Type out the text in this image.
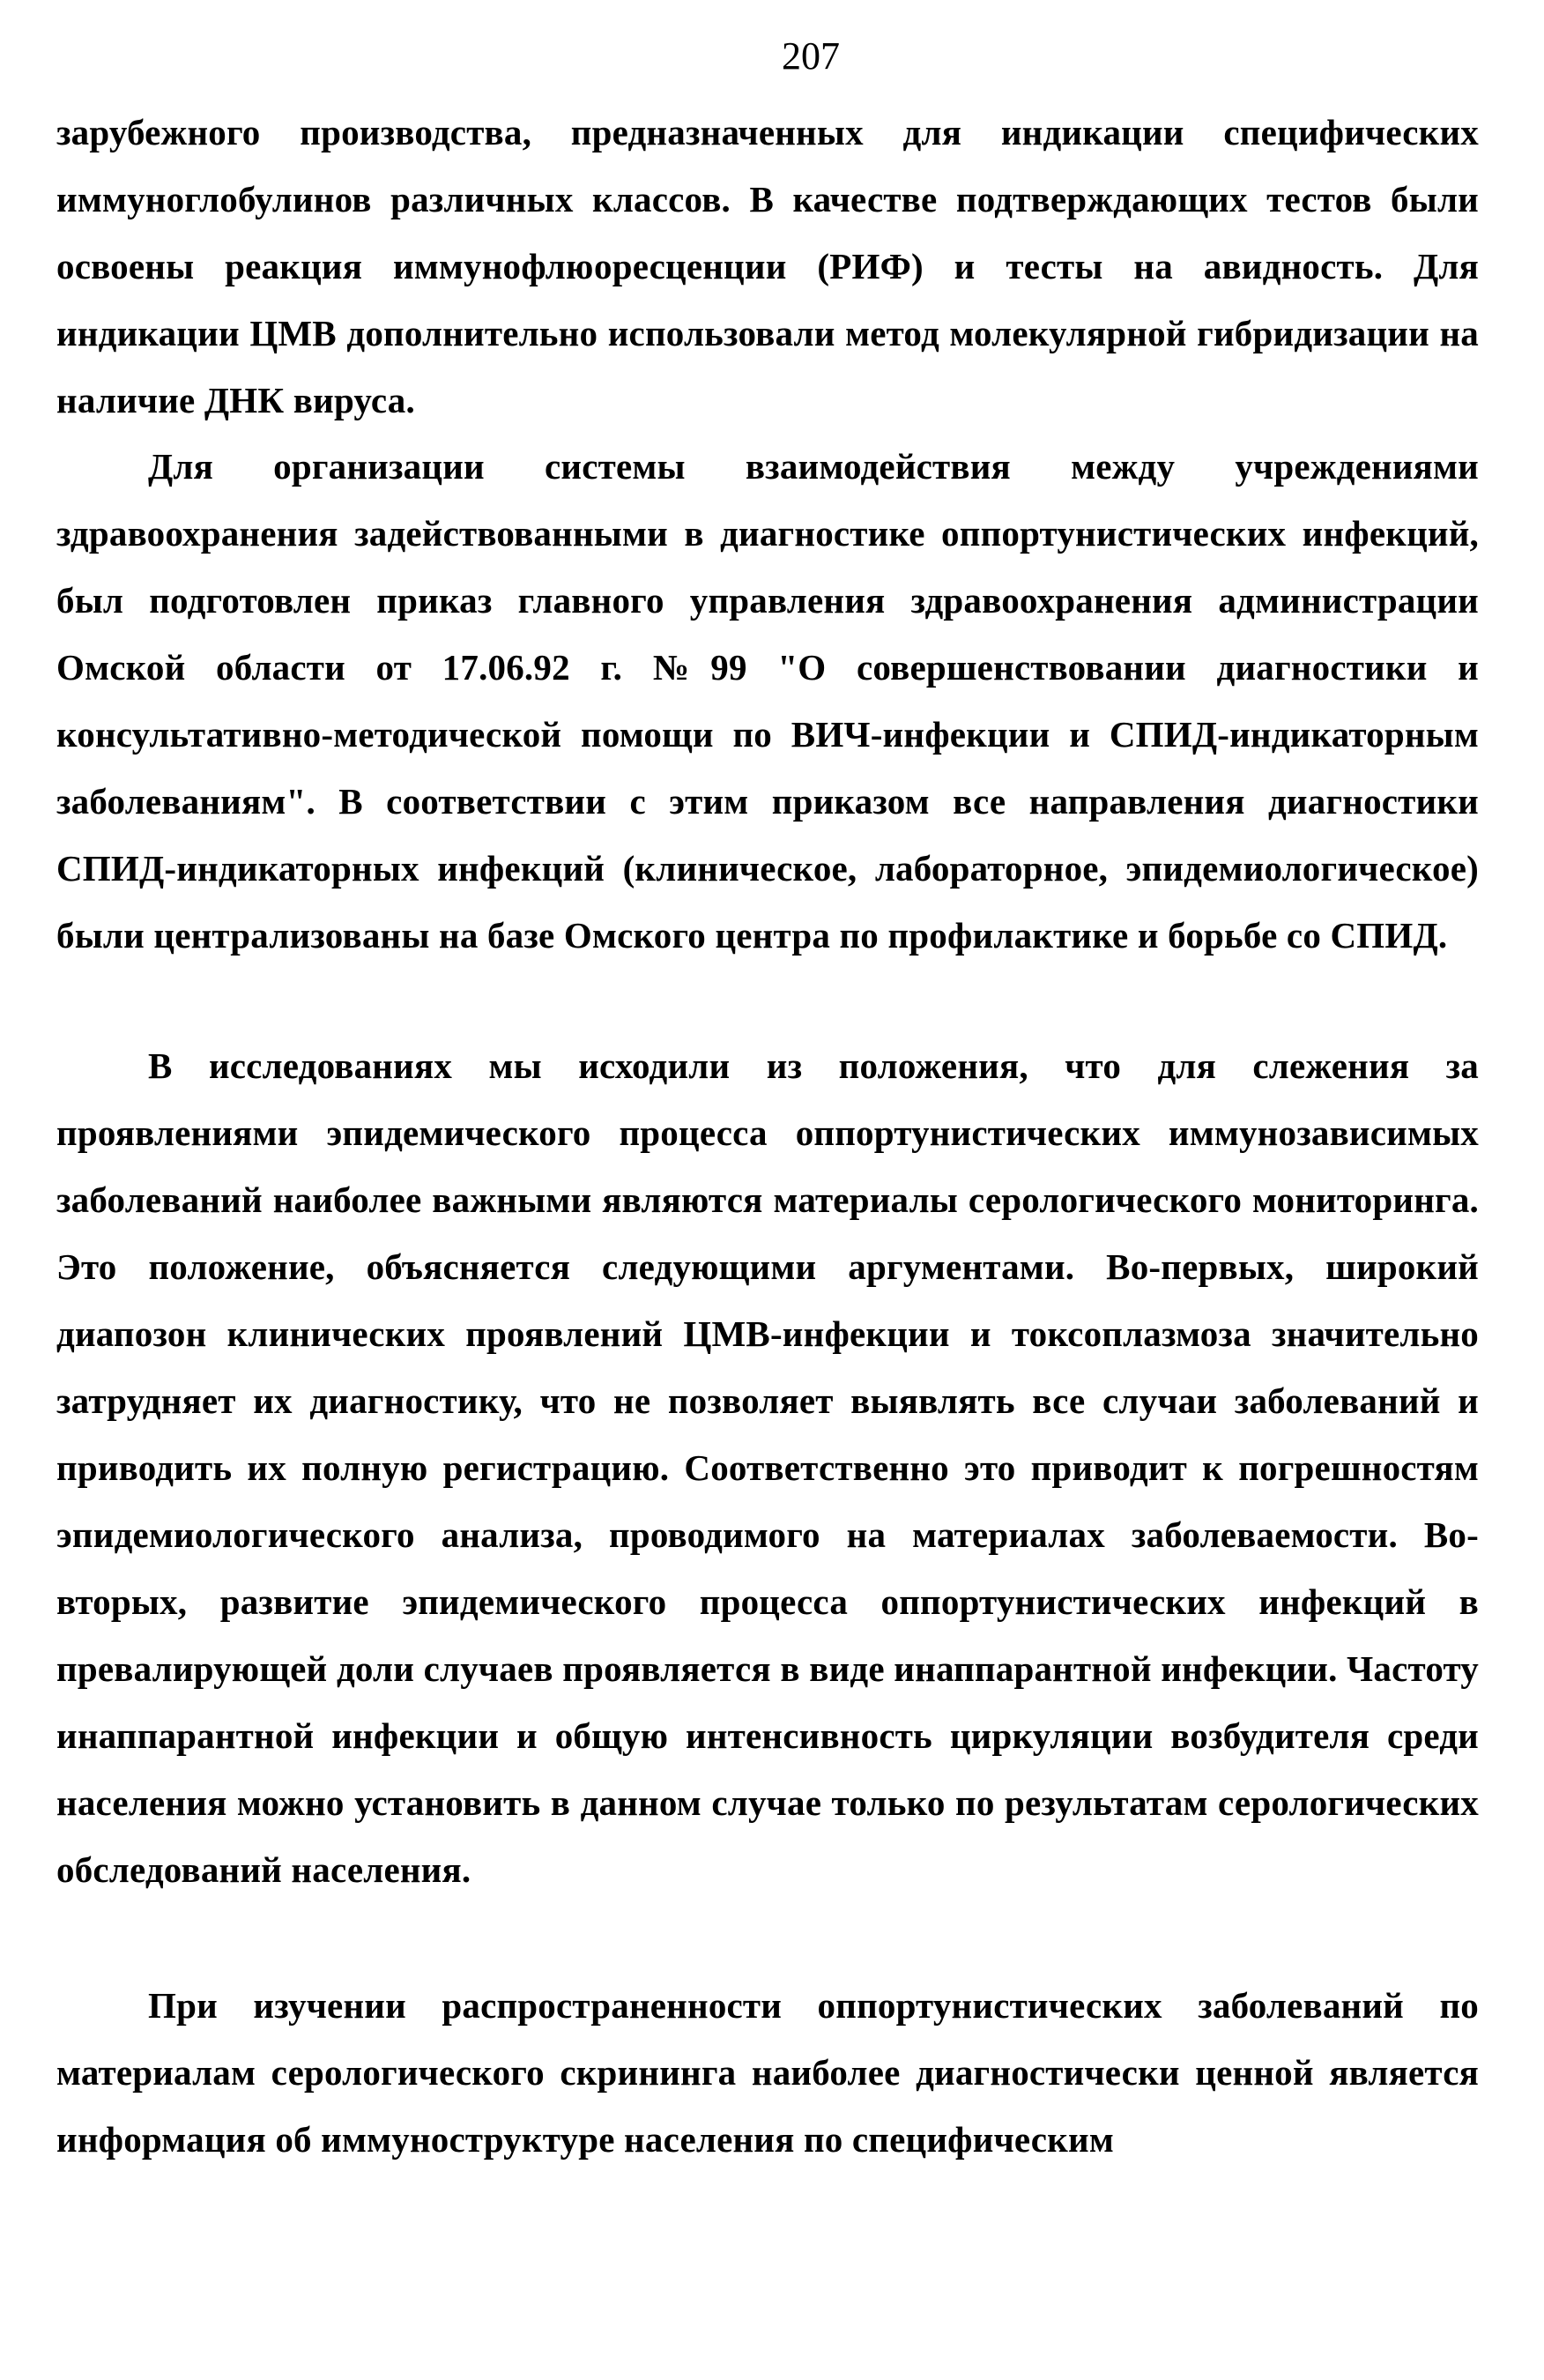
207

зарубежного производства, предназначенных для индикации специфических иммуноглобулинов различных классов. В качестве подтверждающих тестов были освоены реакция иммунофлюоресценции (РИФ) и тесты на авидность. Для индикации ЦМВ дополнительно использовали метод молекулярной гибридизации на наличие ДНК вируса.

Для организации системы взаимодействия между учреждениями здравоохранения задействованными в диагностике оппортунистических инфекций, был подготовлен приказ главного управления здравоохранения администрации Омской области от 17.06.92 г. №99 "О совершенствовании диагностики и консультативно-методической помощи по ВИЧ-инфекции и СПИД-индикаторным заболеваниям". В соответствии с этим приказом все направления диагностики СПИД-индикаторных инфекций (клиническое, лабораторное, эпидемиологическое) были централизованы на базе Омского центра по профилактике и борьбе со СПИД.

В исследованиях мы исходили из положения, что для слежения за проявлениями эпидемического процесса оппортунистических иммунозависимых заболеваний наиболее важными являются материалы серологического мониторинга. Это положение, объясняется следующими аргументами. Во-первых, широкий диапозон клинических проявлений ЦМВ-инфекции и токсоплазмоза значительно затрудняет их диагностику, что не позволяет выявлять все случаи заболеваний и приводить их полную регистрацию. Соответственно это приводит к погрешностям эпидемиологического анализа, проводимого на материалах заболеваемости. Во-вторых, развитие эпидемического процесса оппортунистических инфекций в превалирующей доли случаев проявляется в виде инаппарантной инфекции. Частоту инаппарантной инфекции и общую интенсивность циркуляции возбудителя среди населения можно установить в данном случае только по результатам серологических обследований населения.

При изучении распространенности оппортунистических заболеваний по материалам серологического скрининга наиболее диагностически ценной является информация об иммуноструктуре населения по специфическим
